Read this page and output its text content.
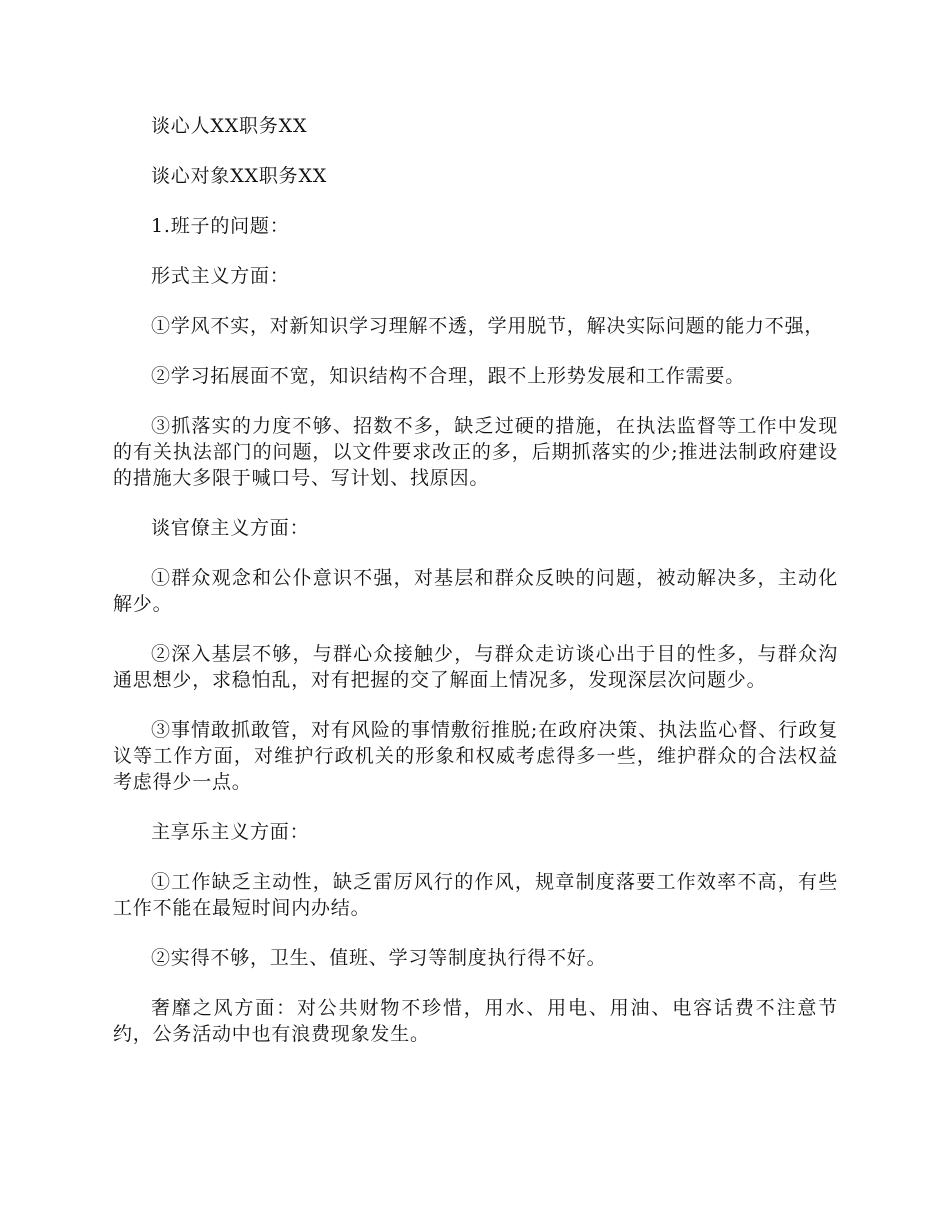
谈心人XX职务XX

谈心对象XX职务XX

1.班子的问题：

形式主义方面：

①学风不实，对新知识学习理解不透，学用脱节，解决实际问题的能力不强，

②学习拓展面不宽，知识结构不合理，跟不上形势发展和工作需要。

③抓落实的力度不够、招数不多，缺乏过硬的措施，在执法监督等工作中发现的有关执法部门的问题，以文件要求改正的多，后期抓落实的少;推进法制政府建设的措施大多限于喊口号、写计划、找原因。

谈官僚主义方面：

①群众观念和公仆意识不强，对基层和群众反映的问题，被动解决多，主动化解少。

②深入基层不够，与群心众接触少，与群众走访谈心出于目的性多，与群众沟通思想少，求稳怕乱，对有把握的交了解面上情况多，发现深层次问题少。

③事情敢抓敢管，对有风险的事情敷衍推脱;在政府决策、执法监心督、行政复议等工作方面，对维护行政机关的形象和权威考虑得多一些，维护群众的合法权益考虑得少一点。

主享乐主义方面：

①工作缺乏主动性，缺乏雷厉风行的作风，规章制度落要工作效率不高，有些工作不能在最短时间内办结。

②实得不够，卫生、值班、学习等制度执行得不好。

奢靡之风方面：对公共财物不珍惜，用水、用电、用油、电容话费不注意节约，公务活动中也有浪费现象发生。
